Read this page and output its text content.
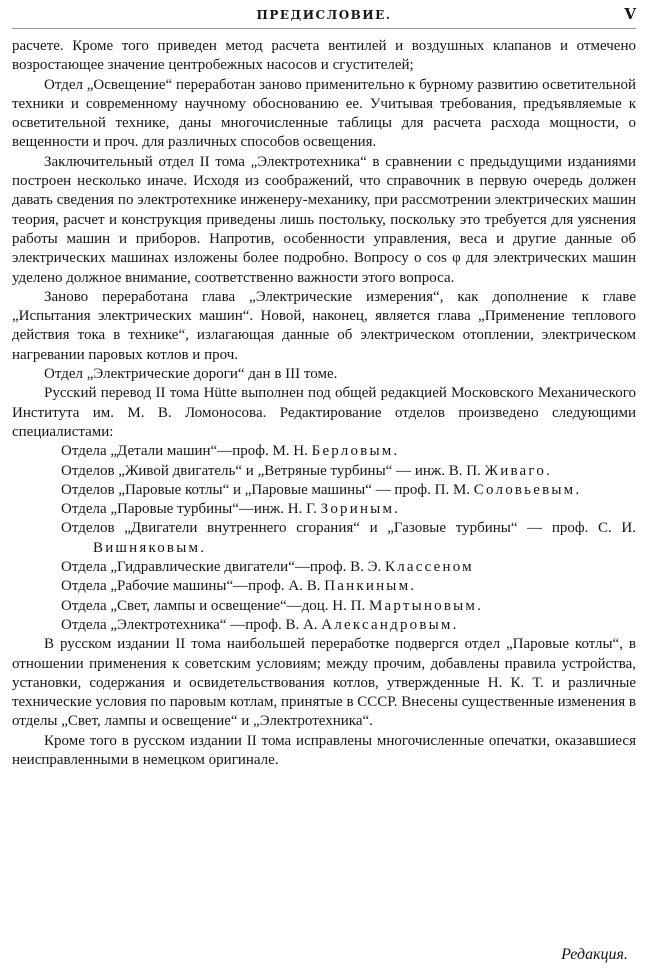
ПРЕДИСЛОВИЕ.	V

расчете. Кроме того приведен метод расчета вентилей и воздушных клапанов и отмечено возростающее значение центробежных насосов и сгустителей;

Отдел „Освещение“ переработан заново применительно к бурному развитию осветительной техники и современному научному обоснованию ее. Учитывая требования, предъявляемые к осветительной технике, даны многочисленные таблицы для расчета расхода мощности, о вещенности и проч. для различных способов освещения.

Заключительный отдел II тома „Электротехника“ в сравнении с предыдущими изданиями построен несколько иначе. Исходя из соображений, что справочник в первую очередь должен давать сведения по электротехнике инженеру-механику, при рассмотрении электрических машин теория, расчет и конструкция приведены лишь постольку, поскольку это требуется для уяснения работы машин и приборов. Напротив, особенности управления, веса и другие данные об электрических машинах изложены более подробно. Вопросу о cos φ для электрических машин уделено должное внимание, соответственно важности этого вопроса.

Заново переработана глава „Электрические измерения“, как дополнение к главе „Испытания электрических машин“. Новой, наконец, является глава „Применение теплового действия тока в технике“, излагающая данные об электрическом отоплении, электрическом нагревании паровых котлов и проч.

Отдел „Электрические дороги“ дан в III томе.

Русский перевод II тома Hütte выполнен под общей редакцией Московского Механического Института им. М. В. Ломоносова. Редактирование отделов произведено следующими специалистами:

Отдела „Детали машин“—проф. М. Н. Берловым.

Отделов „Живой двигатель“ и „Ветряные турбины“ — инж. В. П. Живаго.

Отделов „Паровые котлы“ и „Паровые машины“ — проф. П. М. Соловьевым.

Отдела „Паровые турбины“—инж. Н. Г. Зориным.

Отделов „Двигатели внутреннего сгорания“ и „Газовые турбины“ — проф. С. И. Вишняковым.

Отдела „Гидравлические двигатели“—проф. В. Э. Классеном

Отдела „Рабочие машины“—проф. А. В. Панкиным.

Отдела „Свет, лампы и освещение“—доц. Н. П. Мартыновым.

Отдела „Электротехника“ —проф. В. А. Александровым.

В русском издании II тома наибольшей переработке подвергся отдел „Паровые котлы“, в отношении применения к советским условиям; между прочим, добавлены правила устройства, установки, содержания и освидетельствования котлов, утвержденные Н. К. Т. и различные технические условия по паровым котлам, принятые в СССР. Внесены существенные изменения в отделы „Свет, лампы и освещение“ и „Электротехника“.

Кроме того в русском издании II тома исправлены многочисленные опечатки, оказавшиеся неисправленными в немецком оригинале.

Редакция.
